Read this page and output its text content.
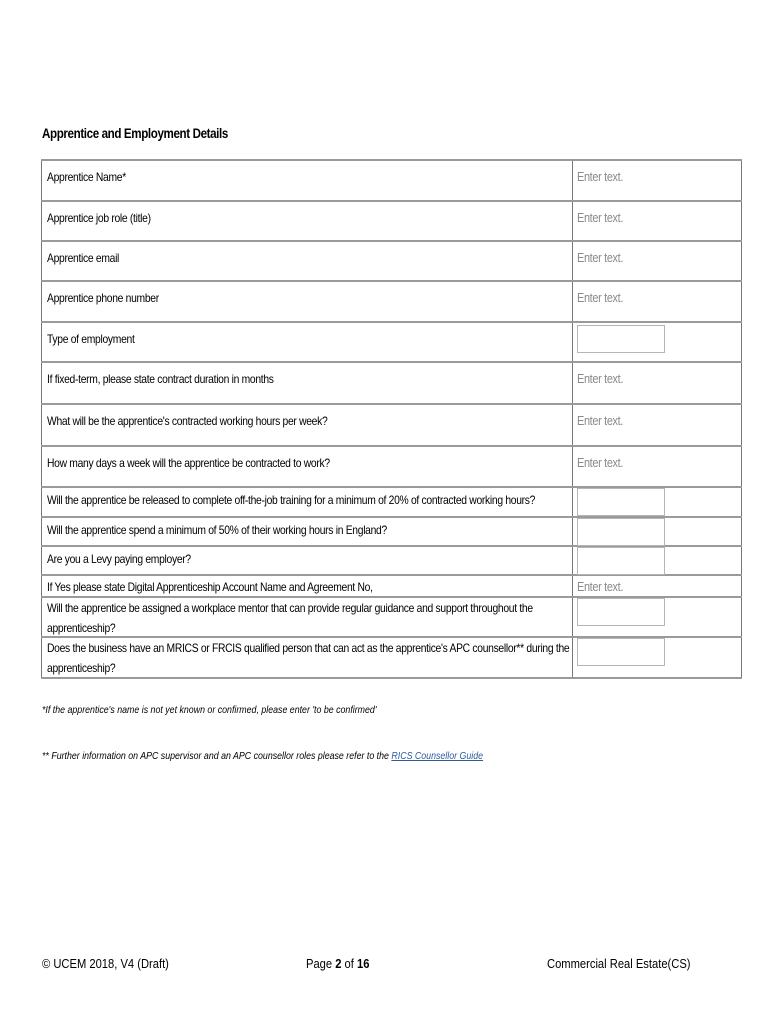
Apprentice and Employment Details
Apprentice Name*	Enter text.
Apprentice job role (title)	Enter text.
Apprentice email	Enter text.
Apprentice phone number	Enter text.
Type of employment
If fixed-term, please state contract duration in months	Enter text.
What will be the apprentice's contracted working hours per week?	Enter text.
How many days a week will the apprentice be contracted to work?	Enter text.
Will the apprentice be released to complete off-the-job training for a minimum of 20% of contracted working hours?
Will the apprentice spend a minimum of 50% of their working hours in England?
Are you a Levy paying employer?
If Yes please state Digital Apprenticeship Account Name and Agreement No,	Enter text.
Will the apprentice be assigned a workplace mentor that can provide regular guidance and support throughout the apprenticeship?
Does the business have an MRICS or FRCIS qualified person that can act as the apprentice's APC counsellor** during the apprenticeship?
*If the apprentice's name is not yet known or confirmed, please enter 'to be confirmed'
** Further information on APC supervisor and an APC counsellor roles please refer to the RICS Counsellor Guide
© UCEM 2018, V4 (Draft)	Page 2 of 16	Commercial Real Estate(CS)
